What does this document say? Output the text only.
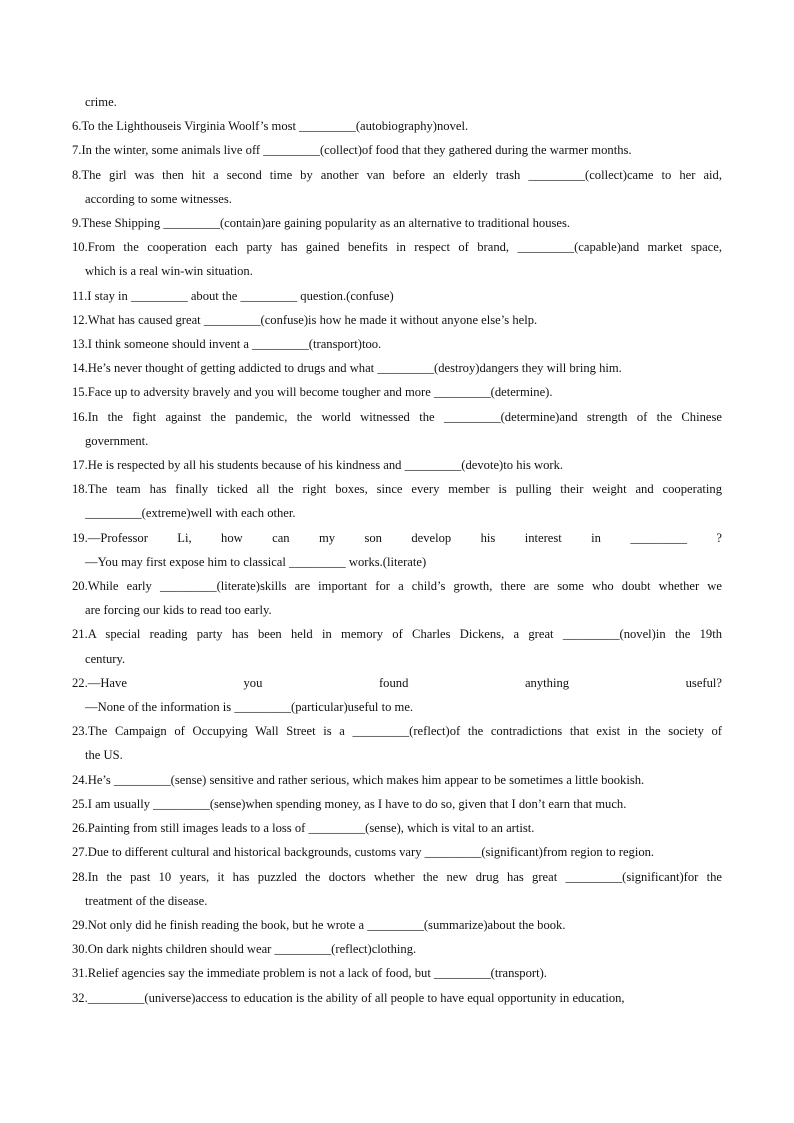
crime.
6.To the Lighthouseis Virginia Woolf’s most _________(autobiography)novel.
7.In the winter, some animals live off _________(collect)of food that they gathered during the warmer months.
8.The girl was then hit a second time by another van before an elderly trash _________(collect)came to her aid,
according to some witnesses.
9.These Shipping _________(contain)are gaining popularity as an alternative to traditional houses.
10.From the cooperation each party has gained benefits in respect of brand, _________(capable)and market space,
which is a real win-win situation.
11.I stay in _________ about the _________ question.(confuse)
12.What has caused great _________(confuse)is how he made it without anyone else’s help.
13.I think someone should invent a _________(transport)too.
14.He’s never thought of getting addicted to drugs and what _________(destroy)dangers they will bring him.
15.Face up to adversity bravely and you will become tougher and more _________(determine).
16.In the fight against the pandemic, the world witnessed the _________(determine)and strength of the Chinese
government.
17.He is respected by all his students because of his kindness and _________(devote)to his work.
18.The team has finally ticked all the right boxes, since every member is pulling their weight and cooperating
_________(extreme)well with each other.
19.—Professor Li, how can my son develop his interest in _________ ?
—You may first expose him to classical _________ works.(literate)
20.While early _________(literate)skills are important for a child’s growth, there are some who doubt whether we
are forcing our kids to read too early.
21.A special reading party has been held in memory of Charles Dickens, a great _________(novel)in the 19th
century.
22.—Have you found anything useful?
—None of the information is _________(particular)useful to me.
23.The Campaign of Occupying Wall Street is a _________(reflect)of the contradictions that exist in the society of
the US.
24.He’s _________(sense) sensitive and rather serious, which makes him appear to be sometimes a little bookish.
25.I am usually _________(sense)when spending money, as I have to do so, given that I don’t earn that much.
26.Painting from still images leads to a loss of _________(sense), which is vital to an artist.
27.Due to different cultural and historical backgrounds, customs vary _________(significant)from region to region.
28.In the past 10 years, it has puzzled the doctors whether the new drug has great _________(significant)for the
treatment of the disease.
29.Not only did he finish reading the book, but he wrote a _________(summarize)about the book.
30.On dark nights children should wear _________(reflect)clothing.
31.Relief agencies say the immediate problem is not a lack of food, but _________(transport).
32._________(universe)access to education is the ability of all people to have equal opportunity in education,
